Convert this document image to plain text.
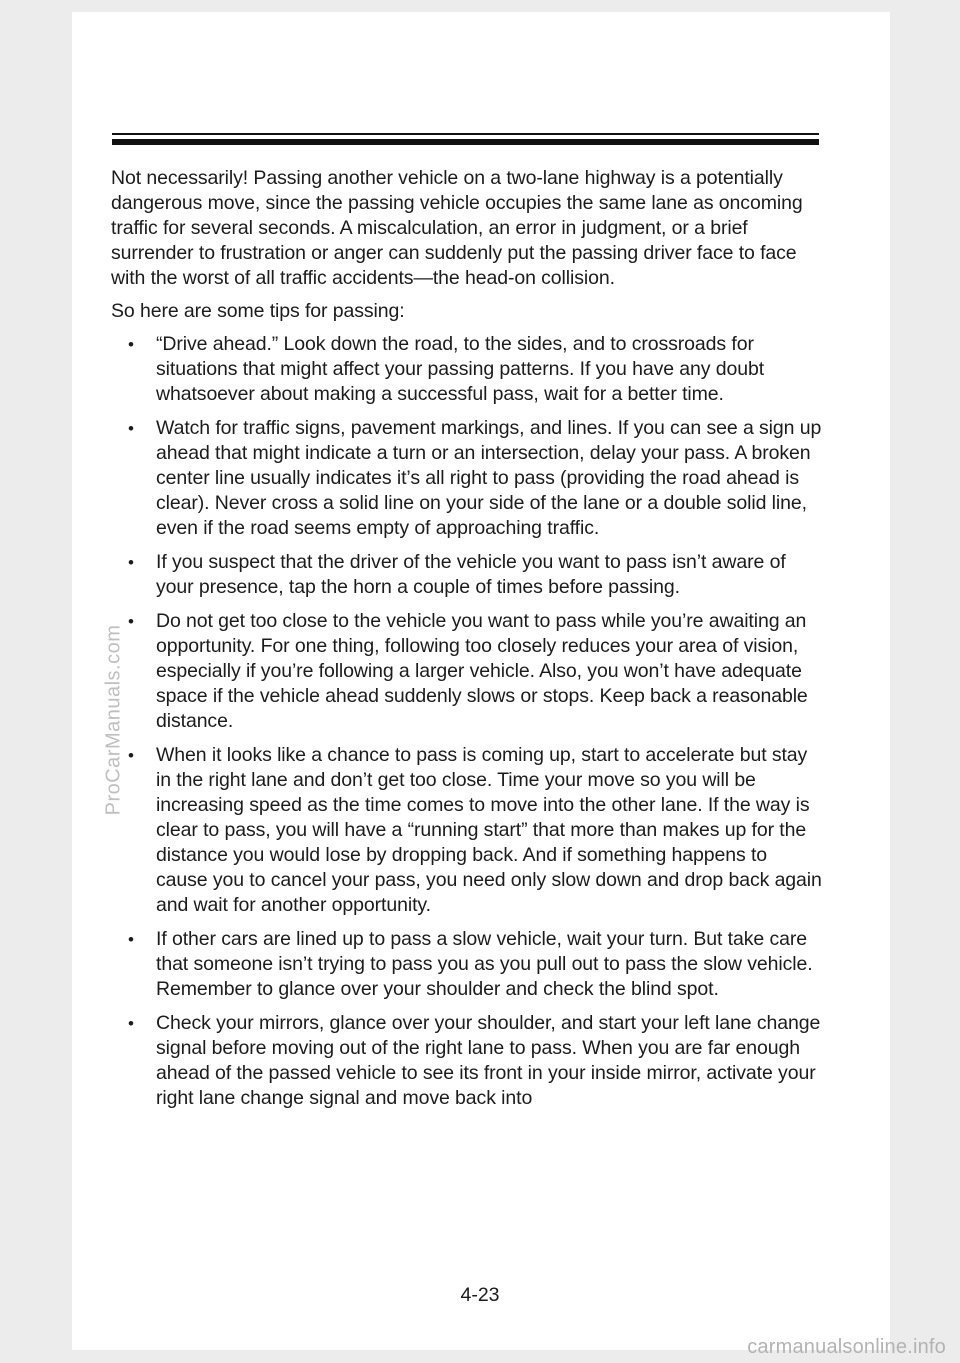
Not necessarily! Passing another vehicle on a two-lane highway is a potentially dangerous move, since the passing vehicle occupies the same lane as oncoming traffic for several seconds. A miscalculation, an error in judgment, or a brief surrender to frustration or anger can suddenly put the passing driver face to face with the worst of all traffic accidents—the head-on collision.

So here are some tips for passing:

• “Drive ahead.” Look down the road, to the sides, and to crossroads for situations that might affect your passing patterns. If you have any doubt whatsoever about making a successful pass, wait for a better time.
• Watch for traffic signs, pavement markings, and lines. If you can see a sign up ahead that might indicate a turn or an intersection, delay your pass. A broken center line usually indicates it’s all right to pass (providing the road ahead is clear). Never cross a solid line on your side of the lane or a double solid line, even if the road seems empty of approaching traffic.
• If you suspect that the driver of the vehicle you want to pass isn’t aware of your presence, tap the horn a couple of times before passing.
• Do not get too close to the vehicle you want to pass while you’re awaiting an opportunity. For one thing, following too closely reduces your area of vision, especially if you’re following a larger vehicle. Also, you won’t have adequate space if the vehicle ahead suddenly slows or stops. Keep back a reasonable distance.
• When it looks like a chance to pass is coming up, start to accelerate but stay in the right lane and don’t get too close. Time your move so you will be increasing speed as the time comes to move into the other lane. If the way is clear to pass, you will have a “running start” that more than makes up for the distance you would lose by dropping back. And if something happens to cause you to cancel your pass, you need only slow down and drop back again and wait for another opportunity.
• If other cars are lined up to pass a slow vehicle, wait your turn. But take care that someone isn’t trying to pass you as you pull out to pass the slow vehicle. Remember to glance over your shoulder and check the blind spot.
• Check your mirrors, glance over your shoulder, and start your left lane change signal before moving out of the right lane to pass. When you are far enough ahead of the passed vehicle to see its front in your inside mirror, activate your right lane change signal and move back into
4-23
ProCarManuals.com
carmanualsonline.info
